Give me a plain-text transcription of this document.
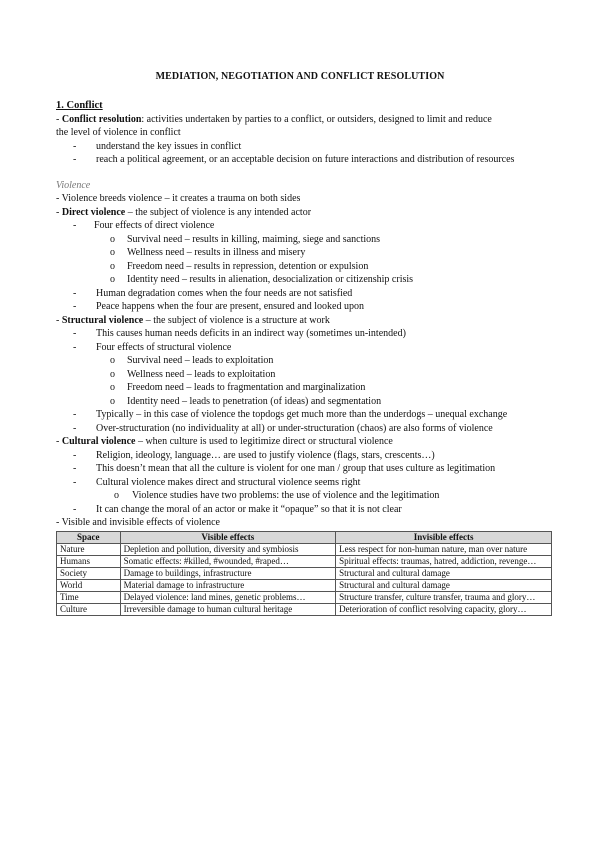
MEDIATION, NEGOTIATION AND CONFLICT RESOLUTION
1. Conflict
- Conflict resolution: activities undertaken by parties to a conflict, or outsiders, designed to limit and reduce
the level of violence in conflict
- understand the key issues in conflict
- reach a political agreement, or an acceptable decision on future interactions and distribution of resources
Violence
- Violence breeds violence – it creates a trauma on both sides
- Direct violence – the subject of violence is any intended actor
- Four effects of direct violence
o Survival need – results in killing, maiming, siege and sanctions
o Wellness need – results in illness and misery
o Freedom need – results in repression, detention or expulsion
o Identity need – results in alienation, desocialization or citizenship crisis
- Human degradation comes when the four needs are not satisfied
- Peace happens when the four are present, ensured and looked upon
- Structural violence – the subject of violence is a structure at work
- This causes human needs deficits in an indirect way (sometimes un-intended)
- Four effects of structural violence
o Survival need – leads to exploitation
o Wellness need – leads to exploitation
o Freedom need – leads to fragmentation and marginalization
o Identity need – leads to penetration (of ideas) and segmentation
- Typically – in this case of violence the topdogs get much more than the underdogs – unequal exchange
- Over-structuration (no individuality at all) or under-structuration (chaos) are also forms of violence
- Cultural violence – when culture is used to legitimize direct or structural violence
- Religion, ideology, language… are used to justify violence (flags, stars, crescents…)
- This doesn’t mean that all the culture is violent for one man / group that uses culture as legitimation
- Cultural violence makes direct and structural violence seems right
o Violence studies have two problems: the use of violence and the legitimation
- It can change the moral of an actor or make it “opaque” so that it is not clear
- Visible and invisible effects of violence
Space	Visible effects	Invisible effects
Nature	Depletion and pollution, diversity and symbiosis	Less respect for non-human nature, man over nature
Humans	Somatic effects: #killed, #wounded, #raped…	Spiritual effects: traumas, hatred, addiction, revenge…
Society	Damage to buildings, infrastructure	Structural and cultural damage
World	Material damage to infrastructure	Structural and cultural damage
Time	Delayed violence: land mines, genetic problems…	Structure transfer, culture transfer, trauma and glory…
Culture	Irreversible damage to human cultural heritage	Deterioration of conflict resolving capacity, glory…
